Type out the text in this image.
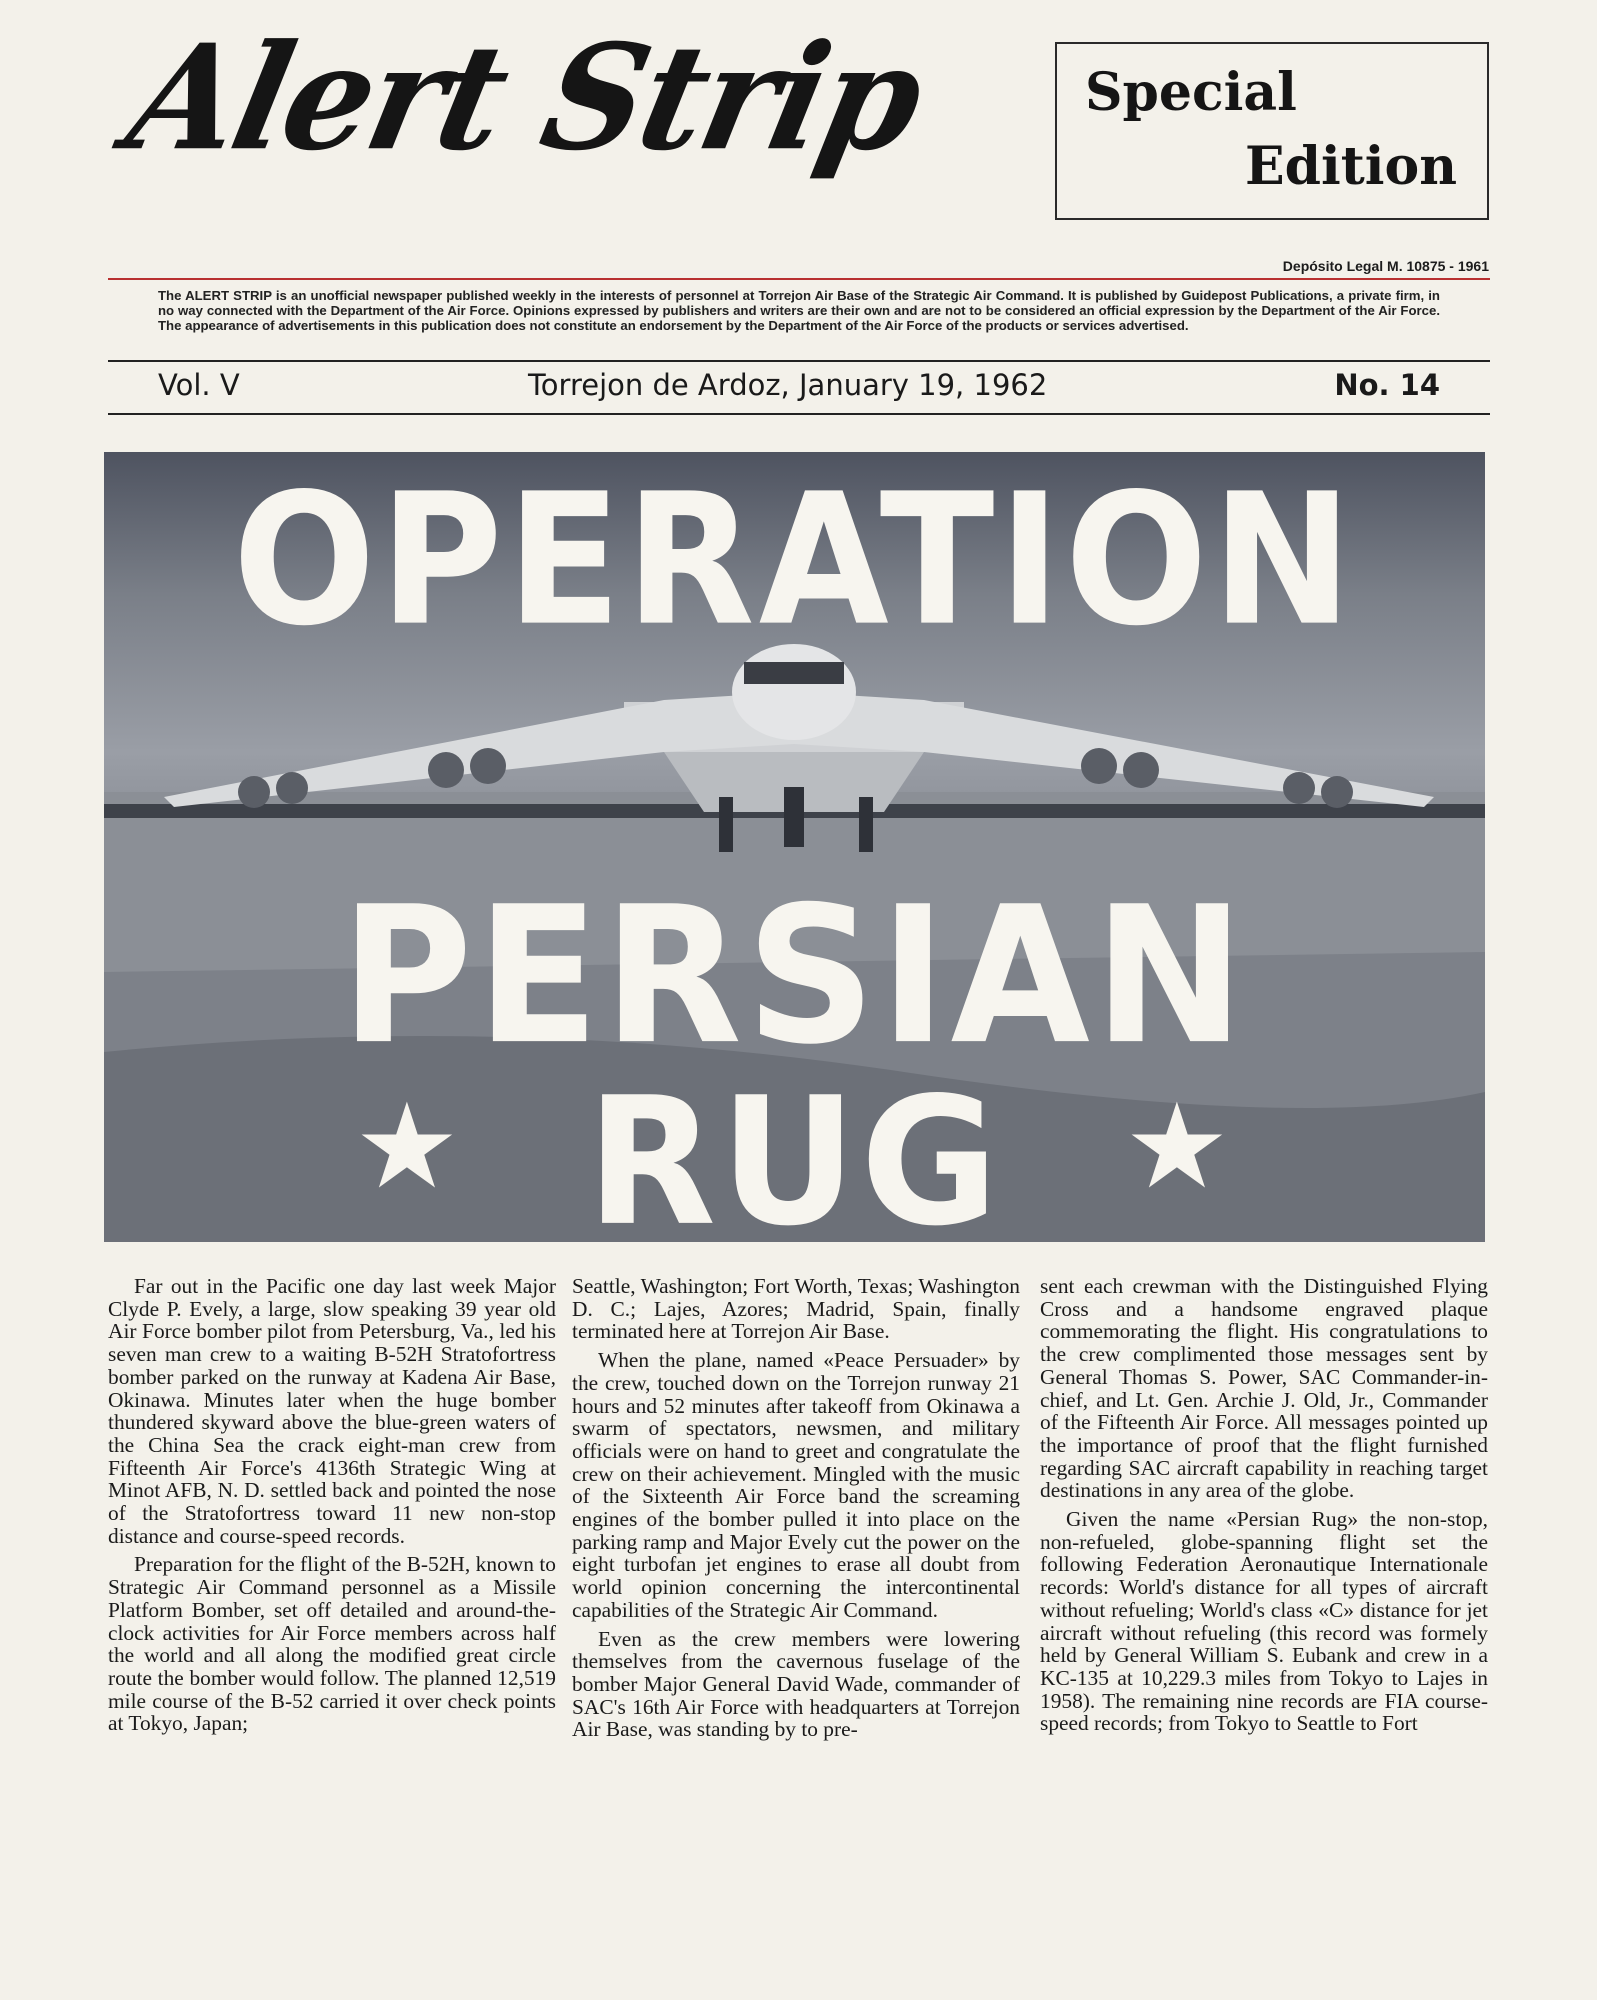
Alert Strip	Special
Edition
Depósito Legal M. 10875 - 1961
The ALERT STRIP is an unofficial newspaper published weekly in the interests of personnel at Torrejon Air Base of the Strategic Air Command. It is published by Guidepost Publications, a private firm, in no way connected with the Department of the Air Force. Opinions expressed by publishers and writers are their own and are not to be considered an official expression by the Department of the Air Force. The appearance of advertisements in this publication does not constitute an endorsement by the Department of the Air Force of the products or services advertised.
Vol. V	Torrejon de Ardoz, January 19, 1962	No. 14
OPERATION
PERSIAN
RUG
★	★

Far out in the Pacific one day last week Major Clyde P. Evely, a large, slow speaking 39 year old Air Force bomber pilot from Petersburg, Va., led his seven man crew to a waiting B-52H Stratofortress bomber parked on the runway at Kadena Air Base, Okinawa. Minutes later when the huge bomber thundered skyward above the blue-green waters of the China Sea the crack eight-man crew from Fifteenth Air Force's 4136th Strategic Wing at Minot AFB, N. D. settled back and pointed the nose of the Stratofortress toward 11 new non-stop distance and course-speed records.

Preparation for the flight of the B-52H, known to Strategic Air Command personnel as a Missile Platform Bomber, set off detailed and around-the-clock activities for Air Force members across half the world and all along the modified great circle route the bomber would follow. The planned 12,519 mile course of the B-52 carried it over check points at Tokyo, Japan;

Seattle, Washington; Fort Worth, Texas; Washington D. C.; Lajes, Azores; Madrid, Spain, finally terminated here at Torrejon Air Base.

When the plane, named «Peace Persuader» by the crew, touched down on the Torrejon runway 21 hours and 52 minutes after takeoff from Okinawa a swarm of spectators, newsmen, and military officials were on hand to greet and congratulate the crew on their achievement. Mingled with the music of the Sixteenth Air Force band the screaming engines of the bomber pulled it into place on the parking ramp and Major Evely cut the power on the eight turbofan jet engines to erase all doubt from world opinion concerning the intercontinental capabilities of the Strategic Air Command.

Even as the crew members were lowering themselves from the cavernous fuselage of the bomber Major General David Wade, commander of SAC's 16th Air Force with headquarters at Torrejon Air Base, was standing by to pre-

sent each crewman with the Distinguished Flying Cross and a handsome engraved plaque commemorating the flight. His congratulations to the crew complimented those messages sent by General Thomas S. Power, SAC Commander-in-chief, and Lt. Gen. Archie J. Old, Jr., Commander of the Fifteenth Air Force. All messages pointed up the importance of proof that the flight furnished regarding SAC aircraft capability in reaching target destinations in any area of the globe.

Given the name «Persian Rug» the non-stop, non-refueled, globe-spanning flight set the following Federation Aeronautique Internationale records: World's distance for all types of aircraft without refueling; World's class «C» distance for jet aircraft without refueling (this record was formely held by General William S. Eubank and crew in a KC-135 at 10,229.3 miles from Tokyo to Lajes in 1958). The remaining nine records are FIA course-speed records; from Tokyo to Seattle to Fort
